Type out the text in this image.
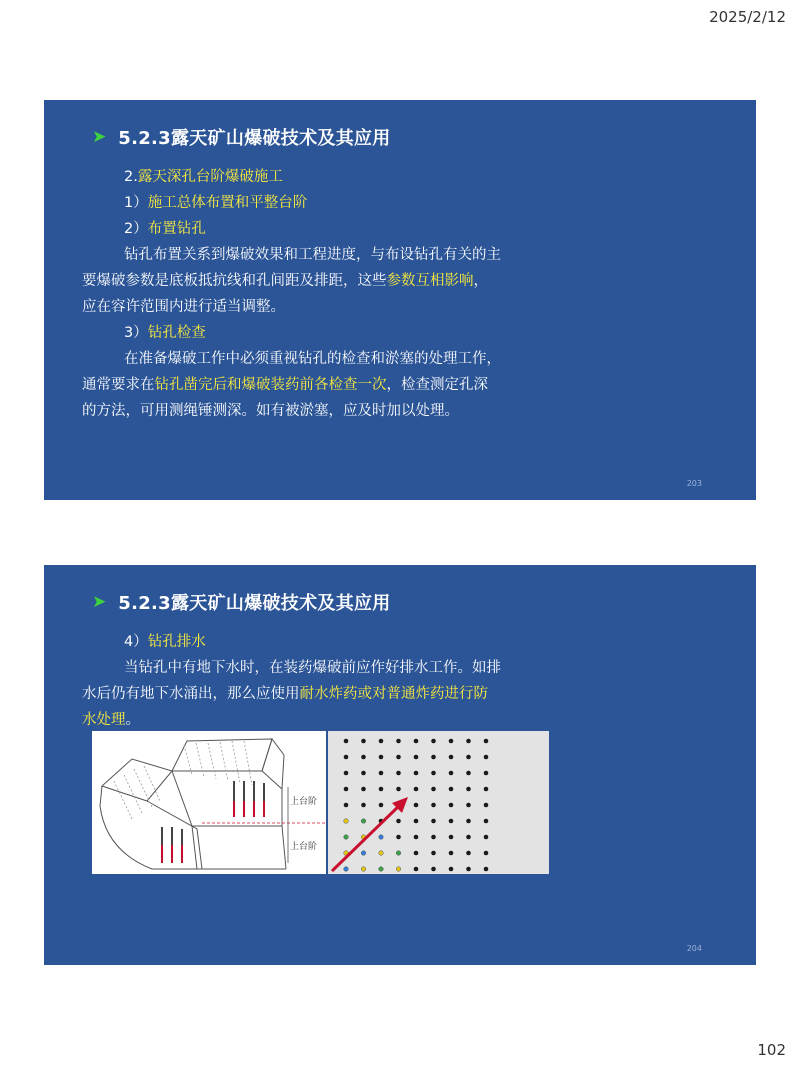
2025/2/12
➤ 5.2.3露天矿山爆破技术及其应用
2.露天深孔台阶爆破施工
1）施工总体布置和平整台阶
2）布置钻孔
钻孔布置关系到爆破效果和工程进度，与布设钻孔有关的主
要爆破参数是底板抵抗线和孔间距及排距，这些参数互相影响，
应在容许范围内进行适当调整。
3）钻孔检查
在准备爆破工作中必须重视钻孔的检查和淤塞的处理工作，
通常要求在钻孔凿完后和爆破装药前各检查一次，检查测定孔深
的方法，可用测绳锤测深。如有被淤塞，应及时加以处理。
203
➤ 5.2.3露天矿山爆破技术及其应用
4）钻孔排水
当钻孔中有地下水时，在装药爆破前应作好排水工作。如排
水后仍有地下水涌出，那么应使用耐水炸药或对普通炸药进行防
水处理。
上台阶
上台阶
204
102
